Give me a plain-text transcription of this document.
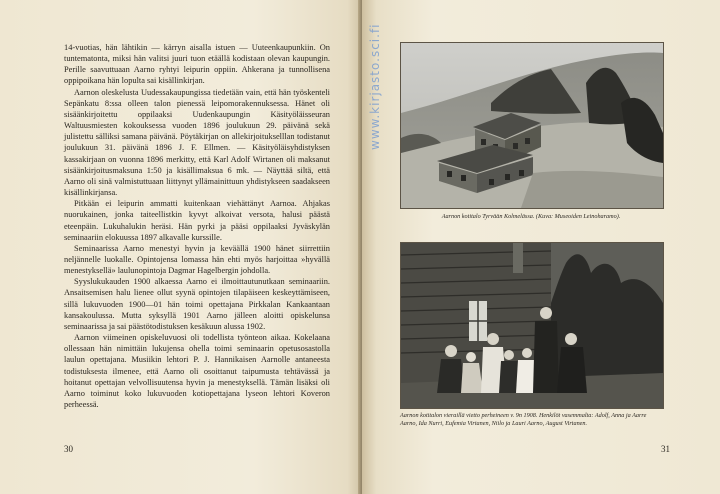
14-vuotias, hän lähtikin — kärryn aisalla istuen — Uuteenkaupunkiin. On tuntematonta, miksi hän valitsi juuri tuon etäällä kodistaan olevan kaupungin. Perille saavuttuaan Aarno ryhtyi leipurin oppiin. Ahkerana ja tunnollisena oppipoikana hän lopulta sai kisällinkirjan.

Aarnon oleskelusta Uudessakaupungissa tiedetään vain, että hän työskenteli Sepänkatu 8:ssa olleen talon pienessä leipomorakennuksessa. Hänet oli sisäänkirjoitettu oppilaaksi Uudenkaupungin Käsityöläisseuran Waltuusmiesten kokouksessa vuoden 1896 joulukuun 29. päivänä sekä julistettu sälliksi samana päivänä. Pöytäkirjan on allekirjoitukselllan todistanut joulukuun 31. päivänä 1896 J. F. Ellmen. — Käsityöläisyhdistyksen kassakirjaan on vuonna 1896 merkitty, että Karl Adolf Wirtanen oli maksanut sisäänkirjoitusmaksuna 1:50 ja kisällimaksua 6 mk. — Näyttää siltä, että Aarno oli sinä valmistuttuaan liittynyt yllämainittuun yhdistykseen saadakseen kisällinkirjansa.

Pitkään ei leipurin ammatti kuitenkaan viehättänyt Aarnoa. Ahjakas nuorukainen, jonka taiteellistkin kyvyt alkoivat versota, halusi päästä eteenpäin. Lukuhalukin heräsi. Hän pyrki ja pääsi oppilaaksi Jyväskylän seminaariin elokuussa 1897 alkavalle kurssille.

Seminaarissa Aarno menestyi hyvin ja keväällä 1900 hänet siirrettiin neljännelle luokalle. Opintojensa lomassa hän ehti myös harjoittaa »hyvällä menestyksellä» laulunopintoja Dagmar Hagelbergin johdolla.

Syyslukukauden 1900 alkaessa Aarno ei ilmoittautunutkaan seminaariin. Ansaitsemisen halu lienee ollut syynä opintojen tilapäiseen keskeyttämiseen, sillä lukuvuoden 1900—01 hän toimi opettajana Pirkkalan Kankaantaan kansakoulussa. Mutta syksyllä 1901 Aarno jälleen aloitti opiskelunsa seminaarissa ja sai päästötodistuksen kesäkuun alussa 1902.

Aarnon viimeinen opiskeluvuosi oli todellista työnteon aikaa. Kokelaana ollessaan hän nimittäin lukujensa ohella toimi seminaarin opetusosastolla laulun opettajana. Musiikin lehtori P. J. Hannikaisen Aarnolle antaneesta todistuksesta ilmenee, että Aarno oli osoittanut taipumusta tehtävässä ja hoitanut opettajan velvollisuutensa hyvin ja menestyksellä. Tämän lisäksi oli Aarno toiminut koko lukuvuoden kotiopettajana lyseon lehtori Koveron perheessä.

30	31
Aarnon kotitalo Tyrvään Kolmelässa. (Kuva: Museoiden Leinoharamo).
Aarnon kotitalon vieraillä vietto perheineen v. 9n 1908. Henkilöt vasemmalta: Adolf, Anna ja Aarre Aarno, Ida Nurri, Eufemia Virtanen, Niilo ja Lauri Aarno, August Virtanen.
www.kirjasto.sci.fi
